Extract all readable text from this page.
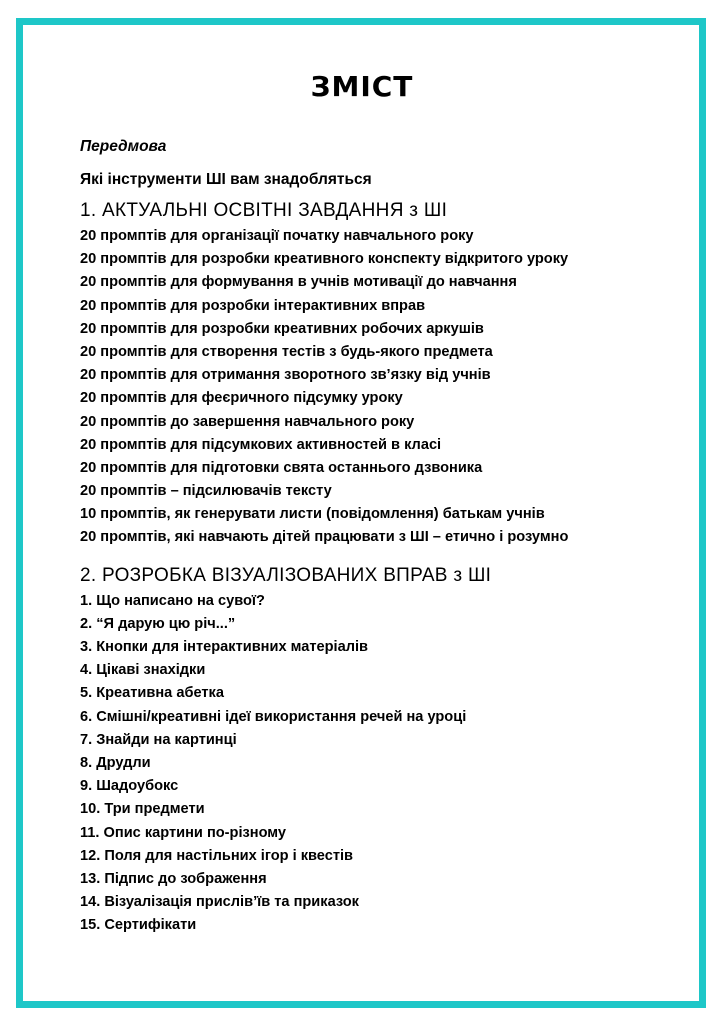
ЗМІСТ
Передмова
Які інструменти ШІ вам знадобляться
1. АКТУАЛЬНІ ОСВІТНІ ЗАВДАННЯ з ШІ
20 промптів для організації початку навчального року
20 промптів для розробки креативного конспекту відкритого уроку
20 промптів для формування в учнів мотивації до навчання
20 промптів для розробки інтерактивних вправ
20 промптів для розробки креативних робочих аркушів
20 промптів для створення тестів з будь-якого предмета
20 промптів для отримання зворотного зв’язку від учнів
20 промптів для феєричного підсумку уроку
20 промптів до завершення навчального року
20 промптів для підсумкових активностей в класі
20 промптів для підготовки свята останнього дзвоника
20 промптів – підсилювачів тексту
10 промптів, як генерувати листи (повідомлення) батькам учнів
20 промптів, які навчають дітей працювати з ШІ – етично і розумно
2. РОЗРОБКА ВІЗУАЛІЗОВАНИХ ВПРАВ з ШІ
1. Що написано на сувої?
2. “Я дарую цю річ...”
3. Кнопки для інтерактивних матеріалів
4. Цікаві знахідки
5. Креативна абетка
6. Смішні/креативні ідеї використання речей на уроці
7. Знайди на картинці
8. Друдли
9. Шадоубокс
10. Три предмети
11. Опис картини по-різному
12. Поля для настільних ігор і квестів
13. Підпис до зображення
14. Візуалізація прислів’їв та приказок
15. Сертифікати
